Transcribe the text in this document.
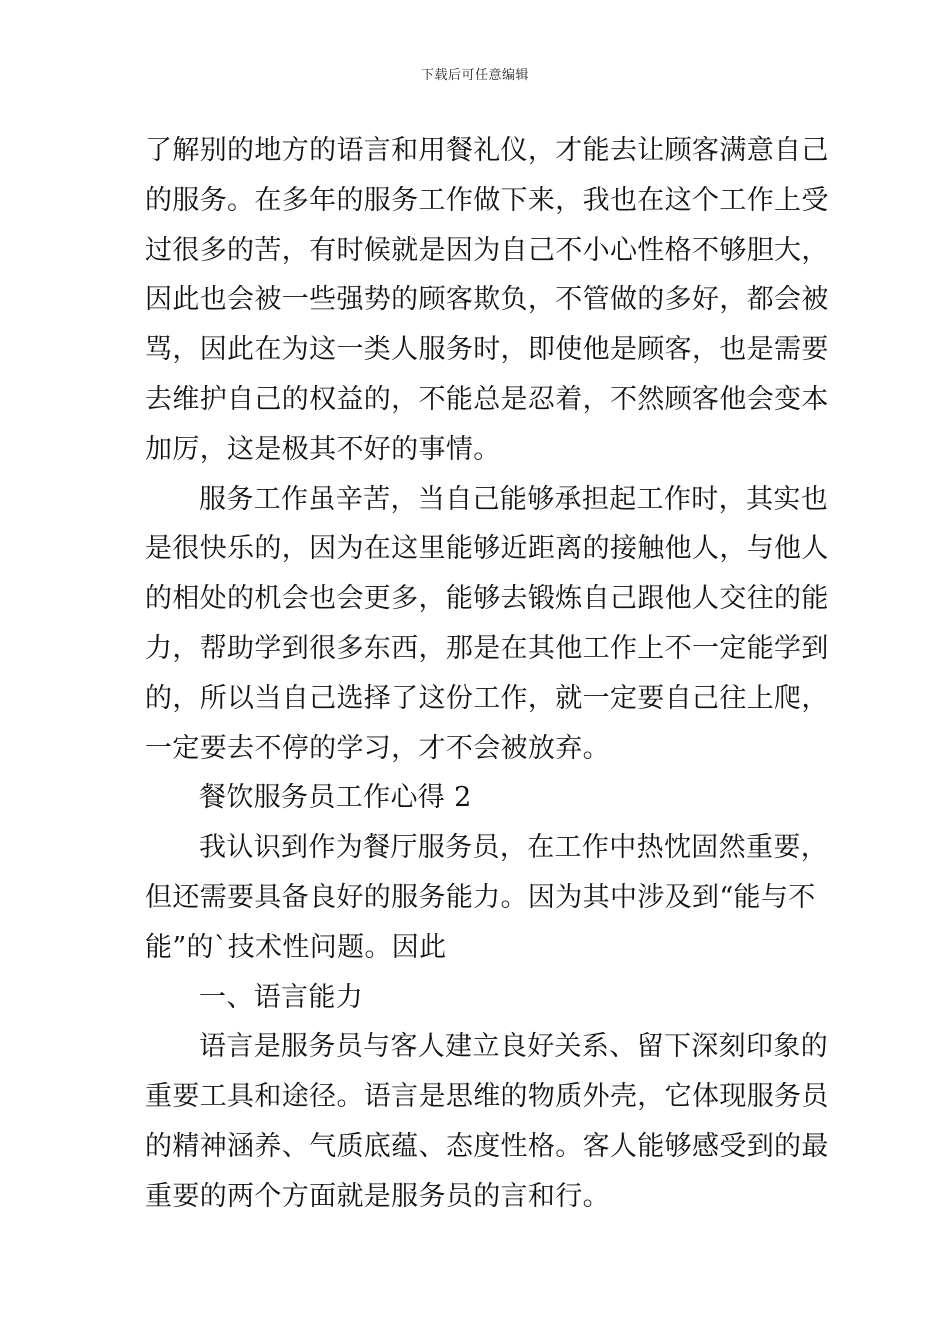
下载后可任意编辑
了解别的地方的语言和用餐礼仪，才能去让顾客满意自己
的服务。在多年的服务工作做下来，我也在这个工作上受
过很多的苦，有时候就是因为自己不小心性格不够胆大，
因此也会被一些强势的顾客欺负，不管做的多好，都会被
骂，因此在为这一类人服务时，即使他是顾客，也是需要
去维护自己的权益的，不能总是忍着，不然顾客他会变本
加厉，这是极其不好的事情。
服务工作虽辛苦，当自己能够承担起工作时，其实也
是很快乐的，因为在这里能够近距离的接触他人，与他人
的相处的机会也会更多，能够去锻炼自己跟他人交往的能
力，帮助学到很多东西，那是在其他工作上不一定能学到
的，所以当自己选择了这份工作，就一定要自己往上爬，
一定要去不停的学习，才不会被放弃。
餐饮服务员工作心得 2
我认识到作为餐厅服务员，在工作中热忱固然重要，
但还需要具备良好的服务能力。因为其中涉及到“能与不
能”的`技术性问题。因此
一、语言能力
语言是服务员与客人建立良好关系、留下深刻印象的
重要工具和途径。语言是思维的物质外壳，它体现服务员
的精神涵养、气质底蕴、态度性格。客人能够感受到的最
重要的两个方面就是服务员的言和行。
